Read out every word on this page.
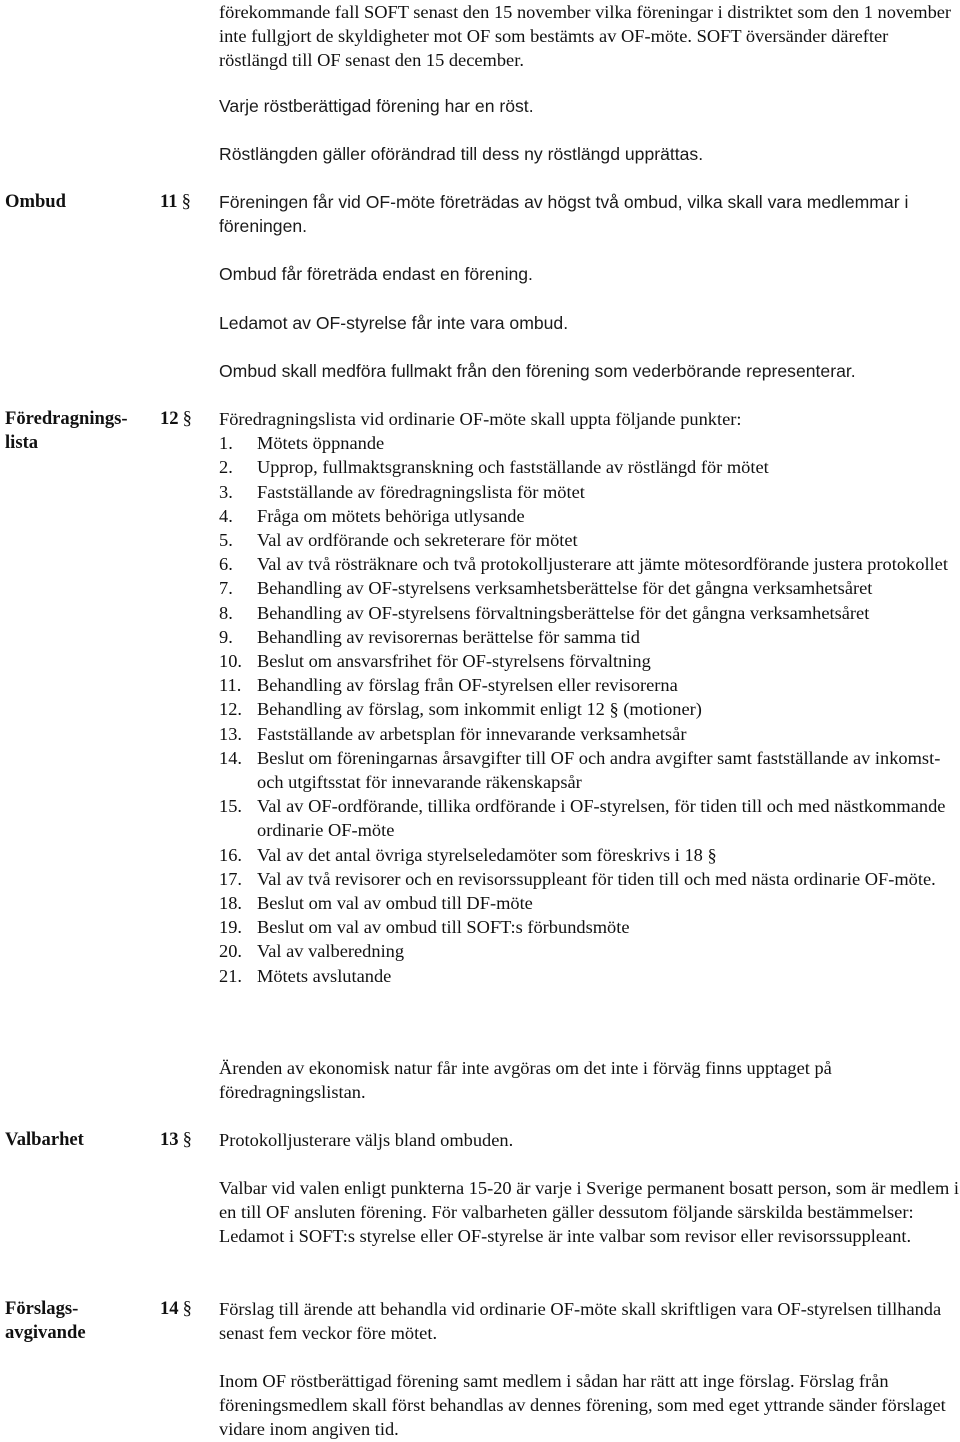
förekommande fall SOFT senast den 15 november vilka föreningar i distriktet som den 1 november inte fullgjort de skyldigheter mot OF som bestämts av OF-möte. SOFT översänder därefter röstlängd till OF senast den 15 december.

Varje röstberättigad förening har en röst.

Röstlängden gäller oförändrad till dess ny röstlängd upprättas.

Ombud	11 § Föreningen får vid OF-möte företrädas av högst två ombud, vilka skall vara medlemmar i föreningen.

Ombud får företräda endast en förening.

Ledamot av OF-styrelse får inte vara ombud.

Ombud skall medföra fullmakt från den förening som vederbörande representerar.

Föredragnings-
lista
12 § Föredragningslista vid ordinarie OF-möte skall uppta följande punkter:

1. Mötets öppnande
2. Upprop, fullmaktsgranskning och fastställande av röstlängd för mötet
3. Fastställande av föredragningslista för mötet
4. Fråga om mötets behöriga utlysande
5. Val av ordförande och sekreterare för mötet
6. Val av två rösträknare och två protokolljusterare att jämte mötesordförande justera protokollet
7. Behandling av OF-styrelsens verksamhetsberättelse för det gångna verksamhetsåret
8. Behandling av OF-styrelsens förvaltningsberättelse för det gångna verksamhetsåret
9. Behandling av revisorernas berättelse för samma tid
10. Beslut om ansvarsfrihet för OF-styrelsens förvaltning
11. Behandling av förslag från OF-styrelsen eller revisorerna
12. Behandling av förslag, som inkommit enligt 12 § (motioner)
13. Fastställande av arbetsplan för innevarande verksamhetsår
14. Beslut om föreningarnas årsavgifter till OF och andra avgifter samt fastställande av inkomst- och utgiftsstat för innevarande räkenskapsår
15. Val av OF-ordförande, tillika ordförande i OF-styrelsen, för tiden till och med nästkommande ordinarie OF-möte
16. Val av det antal övriga styrelseledamöter som föreskrivs i 18 §
17. Val av två revisorer och en revisorssuppleant för tiden till och med nästa ordinarie OF-möte.
18. Beslut om val av ombud till DF-möte
19. Beslut om val av ombud till SOFT:s förbundsmöte
20. Val av valberedning
21. Mötets avslutande

Ärenden av ekonomisk natur får inte avgöras om det inte i förväg finns upptaget på föredragningslistan.

Valbarhet	13 § Protokolljusterare väljs bland ombuden.

Valbar vid valen enligt punkterna 15-20 är varje i Sverige permanent bosatt person, som är medlem i en till OF ansluten förening. För valbarheten gäller dessutom följande särskilda bestämmelser: Ledamot i SOFT:s styrelse eller OF-styrelse är inte valbar som revisor eller revisorssuppleant.

Förslags-
avgivande
14 § Förslag till ärende att behandla vid ordinarie OF-möte skall skriftligen vara OF-styrelsen tillhanda senast fem veckor före mötet.

Inom OF röstberättigad förening samt medlem i sådan har rätt att inge förslag. Förslag från föreningsmedlem skall först behandlas av dennes förening, som med eget yttrande sänder förslaget vidare inom angiven tid.
